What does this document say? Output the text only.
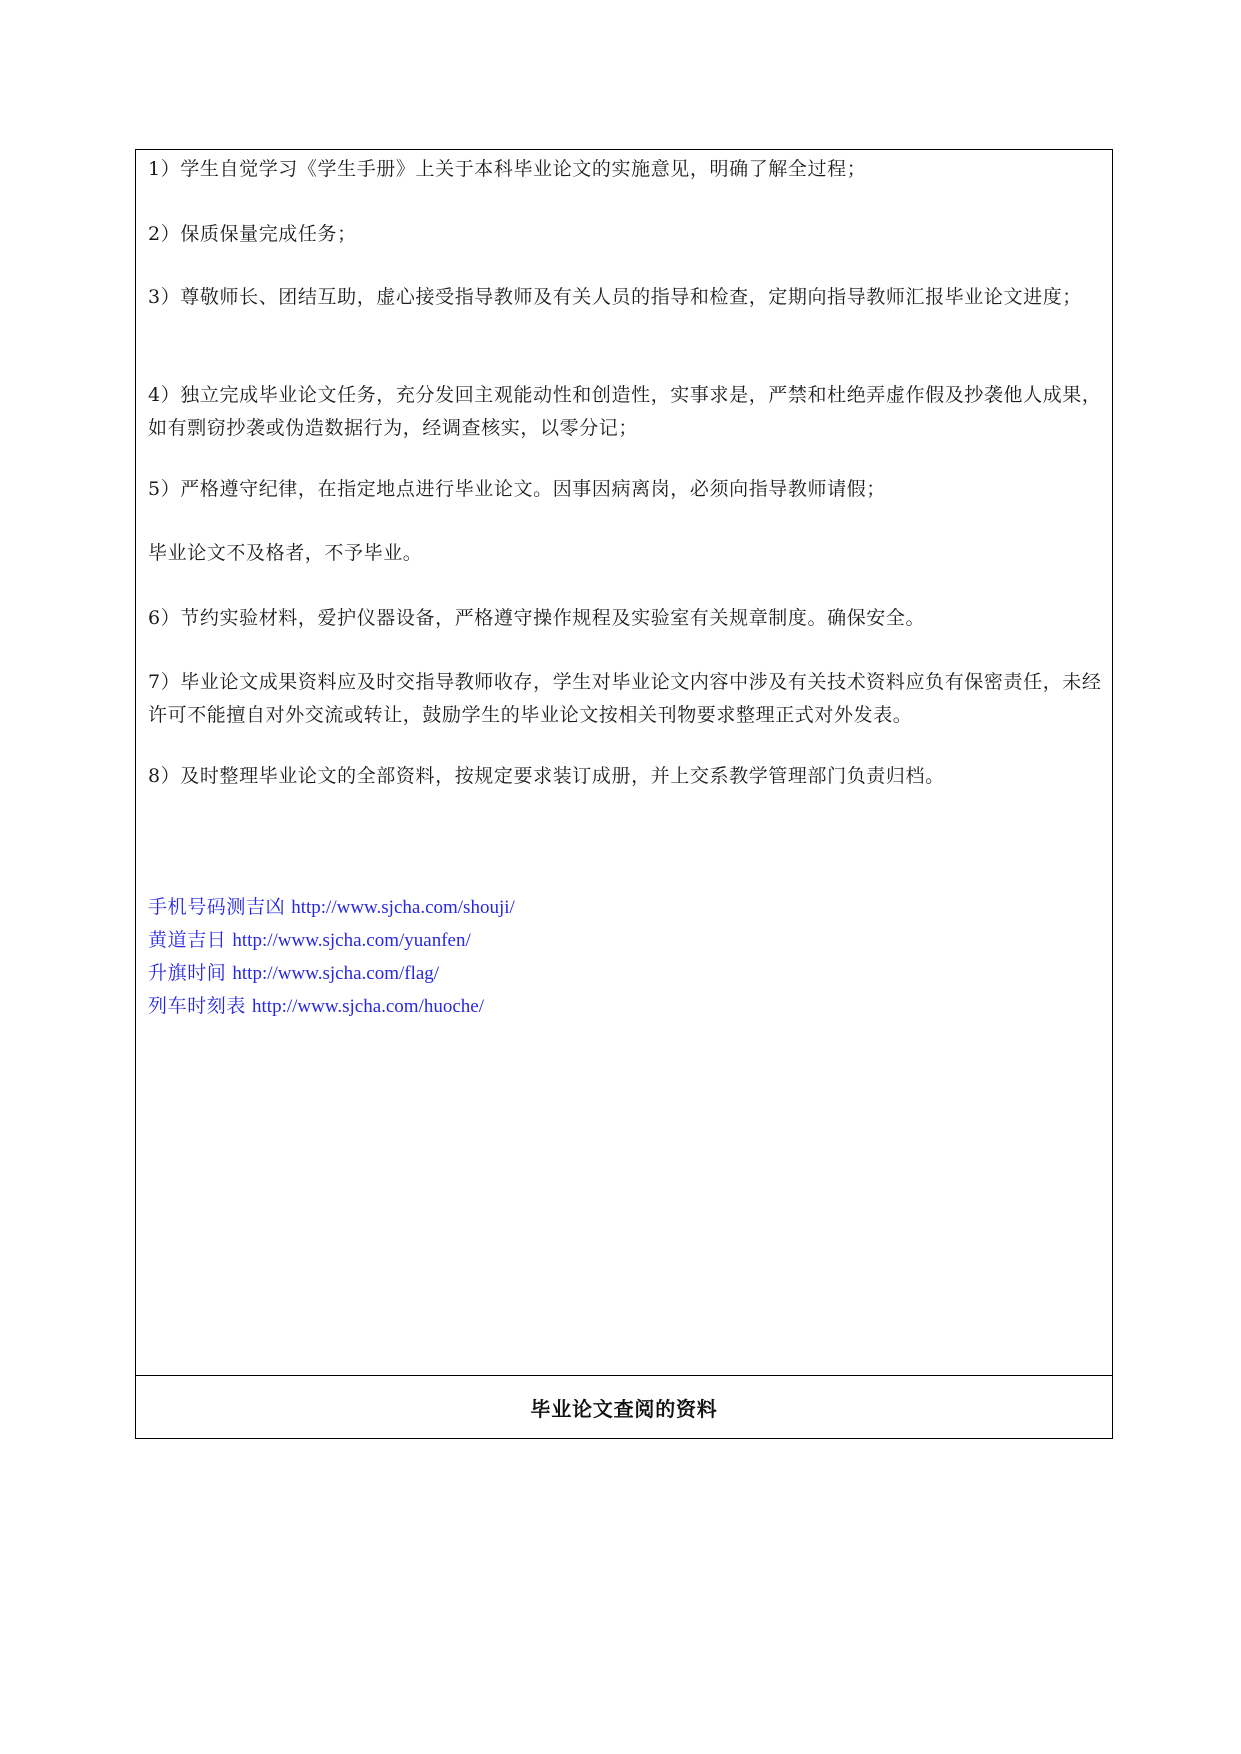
1）学生自觉学习《学生手册》上关于本科毕业论文的实施意见，明确了解全过程；

2）保质保量完成任务；

3）尊敬师长、团结互助，虚心接受指导教师及有关人员的指导和检查，定期向指导教师汇报毕业论文进度；

4）独立完成毕业论文任务，充分发回主观能动性和创造性，实事求是，严禁和杜绝弄虚作假及抄袭他人成果，如有剽窃抄袭或伪造数据行为，经调查核实，以零分记；

5）严格遵守纪律，在指定地点进行毕业论文。因事因病离岗，必须向指导教师请假；

毕业论文不及格者，不予毕业。

6）节约实验材料，爱护仪器设备，严格遵守操作规程及实验室有关规章制度。确保安全。

7）毕业论文成果资料应及时交指导教师收存，学生对毕业论文内容中涉及有关技术资料应负有保密责任，未经许可不能擅自对外交流或转让，鼓励学生的毕业论文按相关刊物要求整理正式对外发表。

8）及时整理毕业论文的全部资料，按规定要求装订成册，并上交系教学管理部门负责归档。

手机号码测吉凶 http://www.sjcha.com/shouji/
黄道吉日 http://www.sjcha.com/yuanfen/
升旗时间 http://www.sjcha.com/flag/
列车时刻表 http://www.sjcha.com/huoche/
毕业论文查阅的资料
